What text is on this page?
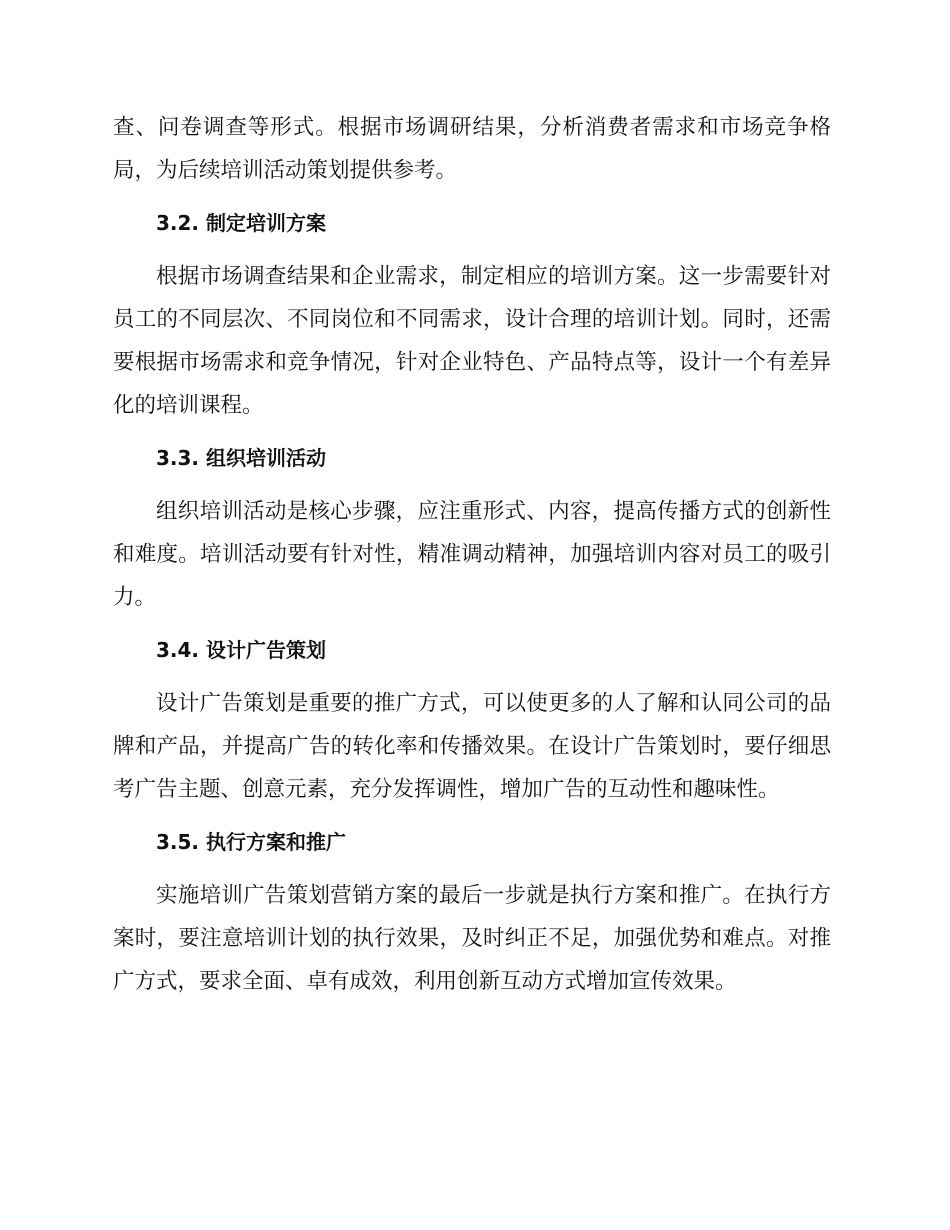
查、问卷调查等形式。根据市场调研结果，分析消费者需求和市场竞争格局，为后续培训活动策划提供参考。

3.2. 制定培训方案

根据市场调查结果和企业需求，制定相应的培训方案。这一步需要针对员工的不同层次、不同岗位和不同需求，设计合理的培训计划。同时，还需要根据市场需求和竞争情况，针对企业特色、产品特点等，设计一个有差异化的培训课程。

3.3. 组织培训活动

组织培训活动是核心步骤，应注重形式、内容，提高传播方式的创新性和难度。培训活动要有针对性，精准调动精神，加强培训内容对员工的吸引力。

3.4. 设计广告策划

设计广告策划是重要的推广方式，可以使更多的人了解和认同公司的品牌和产品，并提高广告的转化率和传播效果。在设计广告策划时，要仔细思考广告主题、创意元素，充分发挥调性，增加广告的互动性和趣味性。

3.5. 执行方案和推广

实施培训广告策划营销方案的最后一步就是执行方案和推广。在执行方案时，要注意培训计划的执行效果，及时纠正不足，加强优势和难点。对推广方式，要求全面、卓有成效，利用创新互动方式增加宣传效果。
